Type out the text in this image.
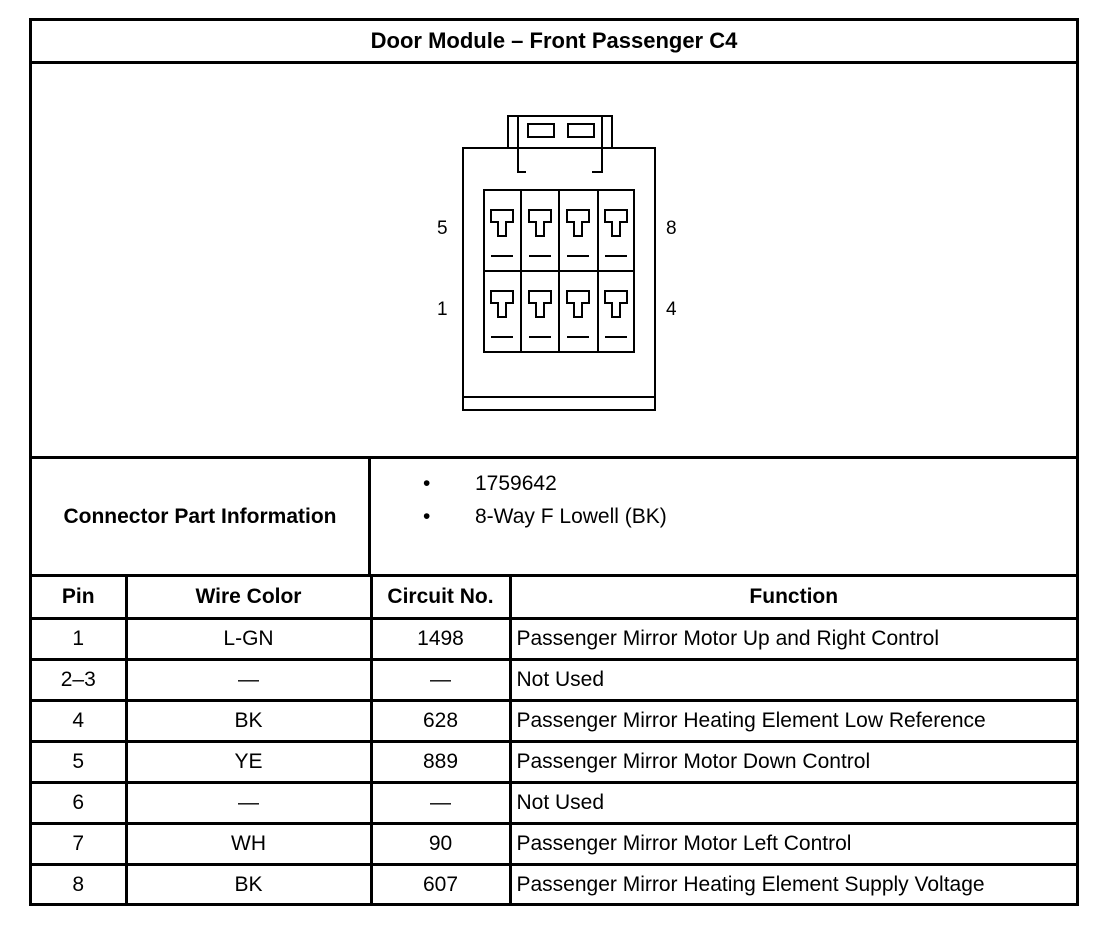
Door Module – Front Passenger C4
5	8
1	4
Connector Part Information
• 1759642
• 8-Way F Lowell (BK)
Pin	Wire Color	Circuit No.	Function
1	L-GN	1498	Passenger Mirror Motor Up and Right Control
2–3	—	—	Not Used
4	BK	628	Passenger Mirror Heating Element Low Reference
5	YE	889	Passenger Mirror Motor Down Control
6	—	—	Not Used
7	WH	90	Passenger Mirror Motor Left Control
8	BK	607	Passenger Mirror Heating Element Supply Voltage
